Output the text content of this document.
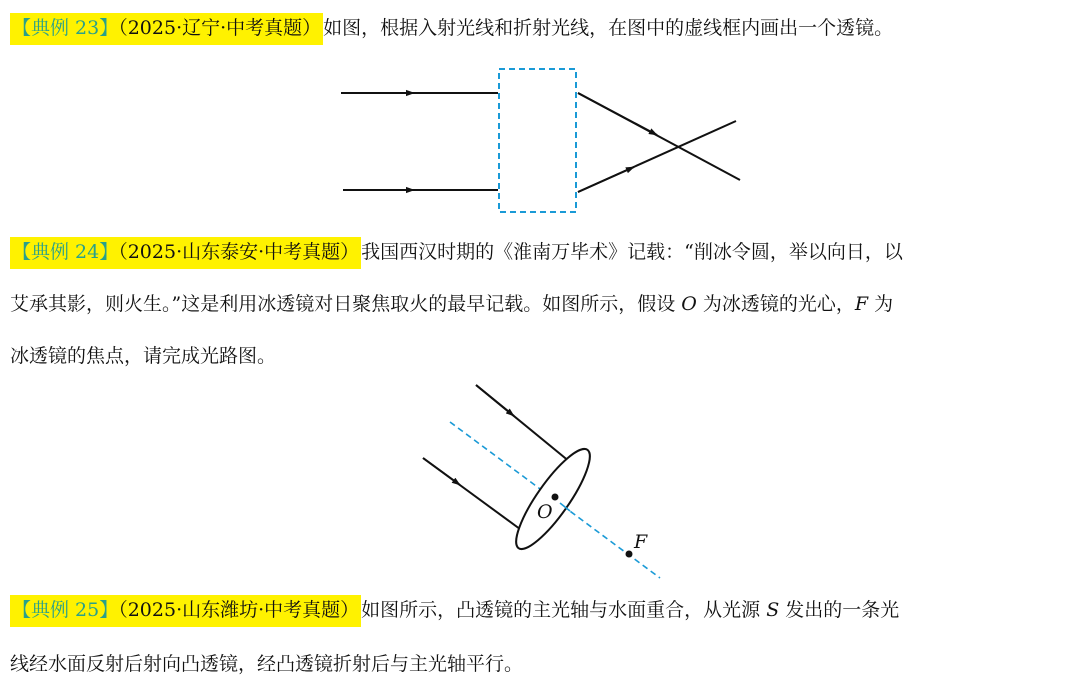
【典例 23】（2025·辽宁·中考真题） 如图，根据入射光线和折射光线，在图中的虚线框内画出一个透镜。
【典例 24】（2025·山东泰安·中考真题） 我国西汉时期的《淮南万毕术》记载：“削冰令圆，举以向日，以
艾承其影，则火生。”这是利用冰透镜对日聚焦取火的最早记载。如图所示，假设 O 为冰透镜的光心，F 为
冰透镜的焦点，请完成光路图。
【典例 25】（2025·山东潍坊·中考真题） 如图所示，凸透镜的主光轴与水面重合，从光源 S 发出的一条光
线经水面反射后射向凸透镜，经凸透镜折射后与主光轴平行。
O
F
